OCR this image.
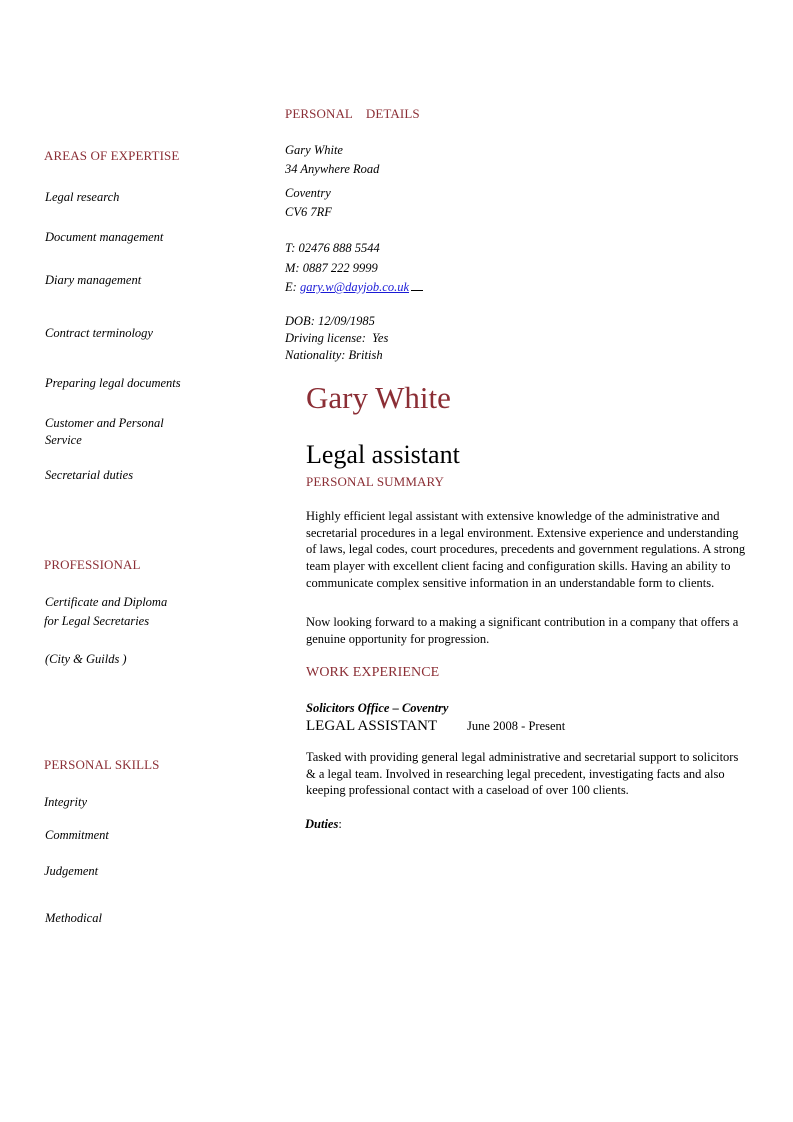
AREAS OF EXPERTISE
Legal research
Document management
Diary management
Contract terminology
Preparing legal documents
Customer and Personal
Service
Secretarial duties
PROFESSIONAL
Certificate and Diploma
for Legal Secretaries
(City & Guilds )
PERSONAL SKILLS
Integrity
Commitment
Judgement
Methodical
PERSONAL    DETAILS
Gary White
34 Anywhere Road
Coventry
CV6 7RF
T: 02476 888 5544
M: 0887 222 9999
E: gary.w@dayjob.co.uk
DOB: 12/09/1985
Driving license:  Yes
Nationality: British
Gary White
Legal assistant
PERSONAL SUMMARY
Highly efficient legal assistant with extensive knowledge of the administrative and secretarial procedures in a legal environment. Extensive experience and understanding of laws, legal codes, court procedures, precedents and government regulations. A strong team player with excellent client facing and configuration skills. Having an ability to communicate complex sensitive information in an understandable form to clients.
Now looking forward to a making a significant contribution in a company that offers a genuine opportunity for progression.
WORK EXPERIENCE
Solicitors Office – Coventry
LEGAL ASSISTANT June 2008 - Present
Tasked with providing general legal administrative and secretarial support to solicitors & a legal team. Involved in researching legal precedent, investigating facts and also keeping professional contact with a caseload of over 100 clients.
Duties:
